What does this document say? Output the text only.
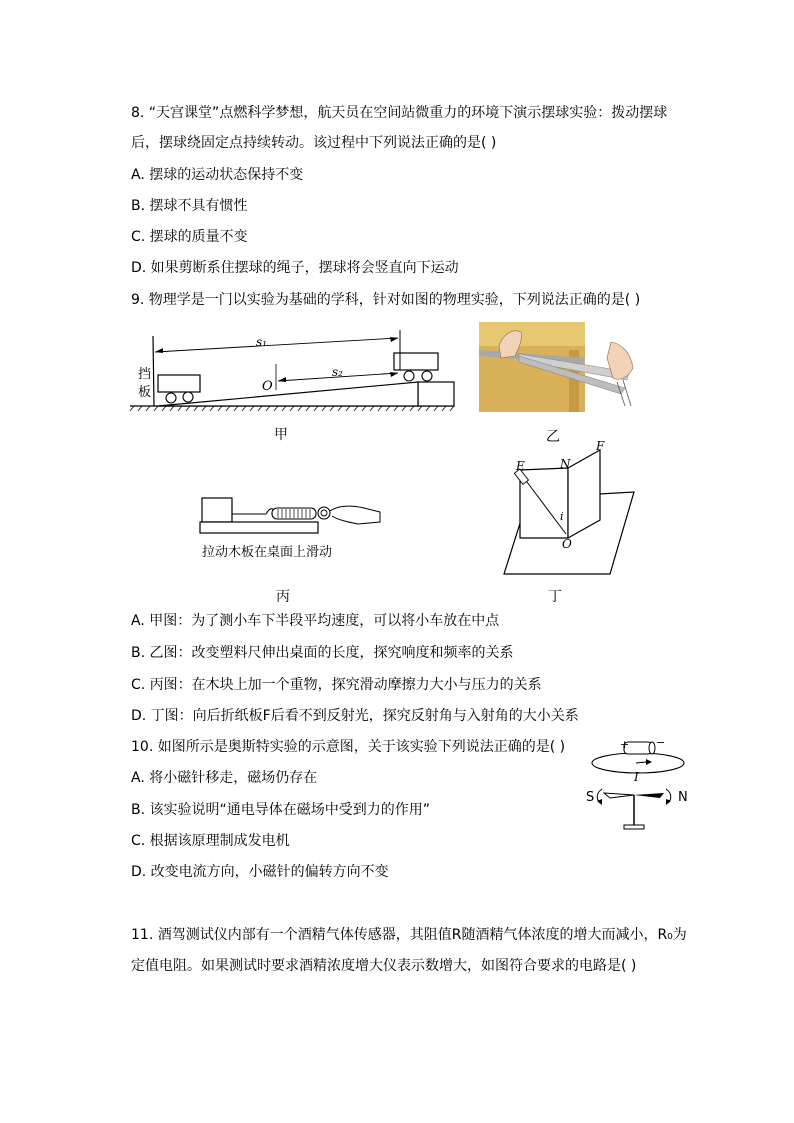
8. “天宫课堂”点燃科学梦想，航天员在空间站微重力的环境下演示摆球实验：拨动摆球
后，摆球绕固定点持续转动。该过程中下列说法正确的是( )
A. 摆球的运动状态保持不变
B. 摆球不具有惯性
C. 摆球的质量不变
D. 如果剪断系住摆球的绳子，摆球将会竖直向下运动
9. 物理学是一门以实验为基础的学科，针对如图的物理实验，下列说法正确的是( )
s₁
s₂
O
挡
板
甲	乙
拉动木板在桌面上滑动
丙
E	N
F
i
O
丁
A. 甲图：为了测小车下半段平均速度，可以将小车放在中点
B. 乙图：改变塑料尺伸出桌面的长度，探究响度和频率的关系
C. 丙图：在木块上加一个重物，探究滑动摩擦力大小与压力的关系
D. 丁图：向后折纸板F后看不到反射光，探究反射角与入射角的大小关系
10. 如图所示是奥斯特实验的示意图，关于该实验下列说法正确的是( )	+ −
I
S	N
A. 将小磁针移走，磁场仍存在
B. 该实验说明“通电导体在磁场中受到力的作用”
C. 根据该原理制成发电机
D. 改变电流方向，小磁针的偏转方向不变
11. 酒驾测试仪内部有一个酒精气体传感器，其阻值R随酒精气体浓度的增大而减小，R₀为
定值电阻。如果测试时要求酒精浓度增大仪表示数增大，如图符合要求的电路是( )
